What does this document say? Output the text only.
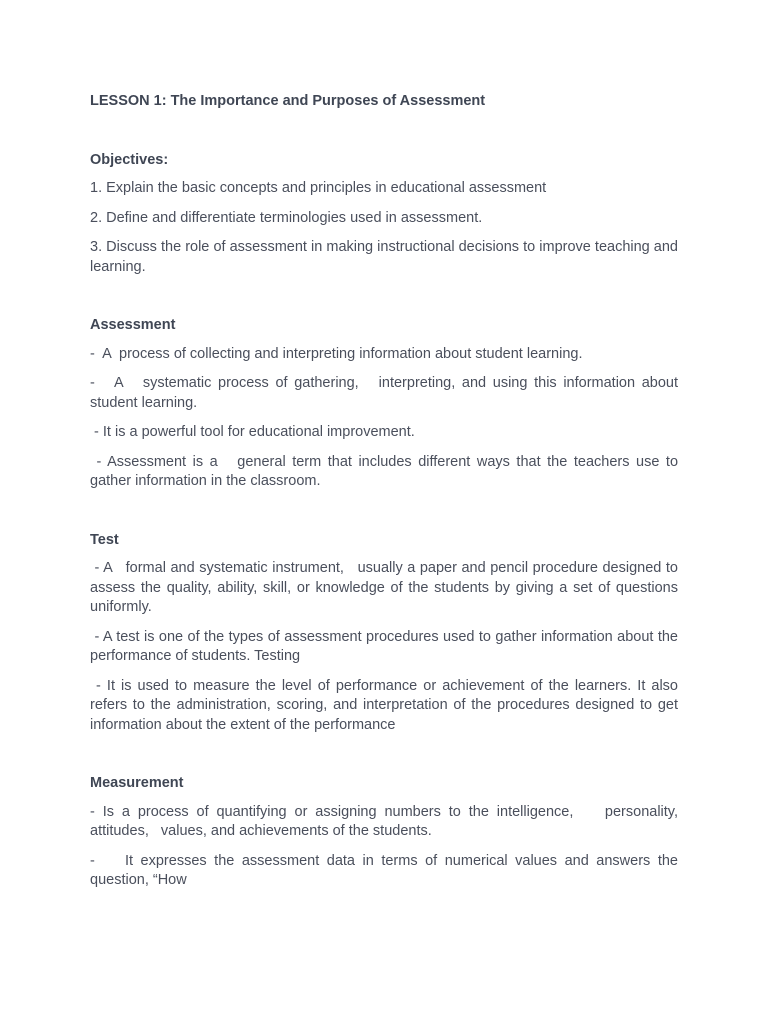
LESSON 1: The Importance and Purposes of Assessment

Objectives:

1. Explain the basic concepts and principles in educational assessment

2. Define and differentiate terminologies used in assessment.

3. Discuss the role of assessment in making instructional decisions to improve teaching and learning.

Assessment

-  A  process of collecting and interpreting information about student learning.

-   A   systematic process of gathering,   interpreting, and using this information about student learning.

- It is a powerful tool for educational improvement.

- Assessment is a   general term that includes different ways that the teachers use to gather information in the classroom.

Test

- A   formal and systematic instrument,   usually a paper and pencil procedure designed to assess the quality, ability, skill, or knowledge of the students by giving a set of questions uniformly.

- A test is one of the types of assessment procedures used to gather information about the performance of students. Testing

- It is used to measure the level of performance or achievement of the learners. It also refers to the administration, scoring, and interpretation of the procedures designed to get information about the extent of the performance

Measurement

- Is a process of quantifying or assigning numbers to the intelligence,    personality, attitudes,   values, and achievements of the students.

-    It expresses the assessment data in terms of numerical values and answers the question, “How
